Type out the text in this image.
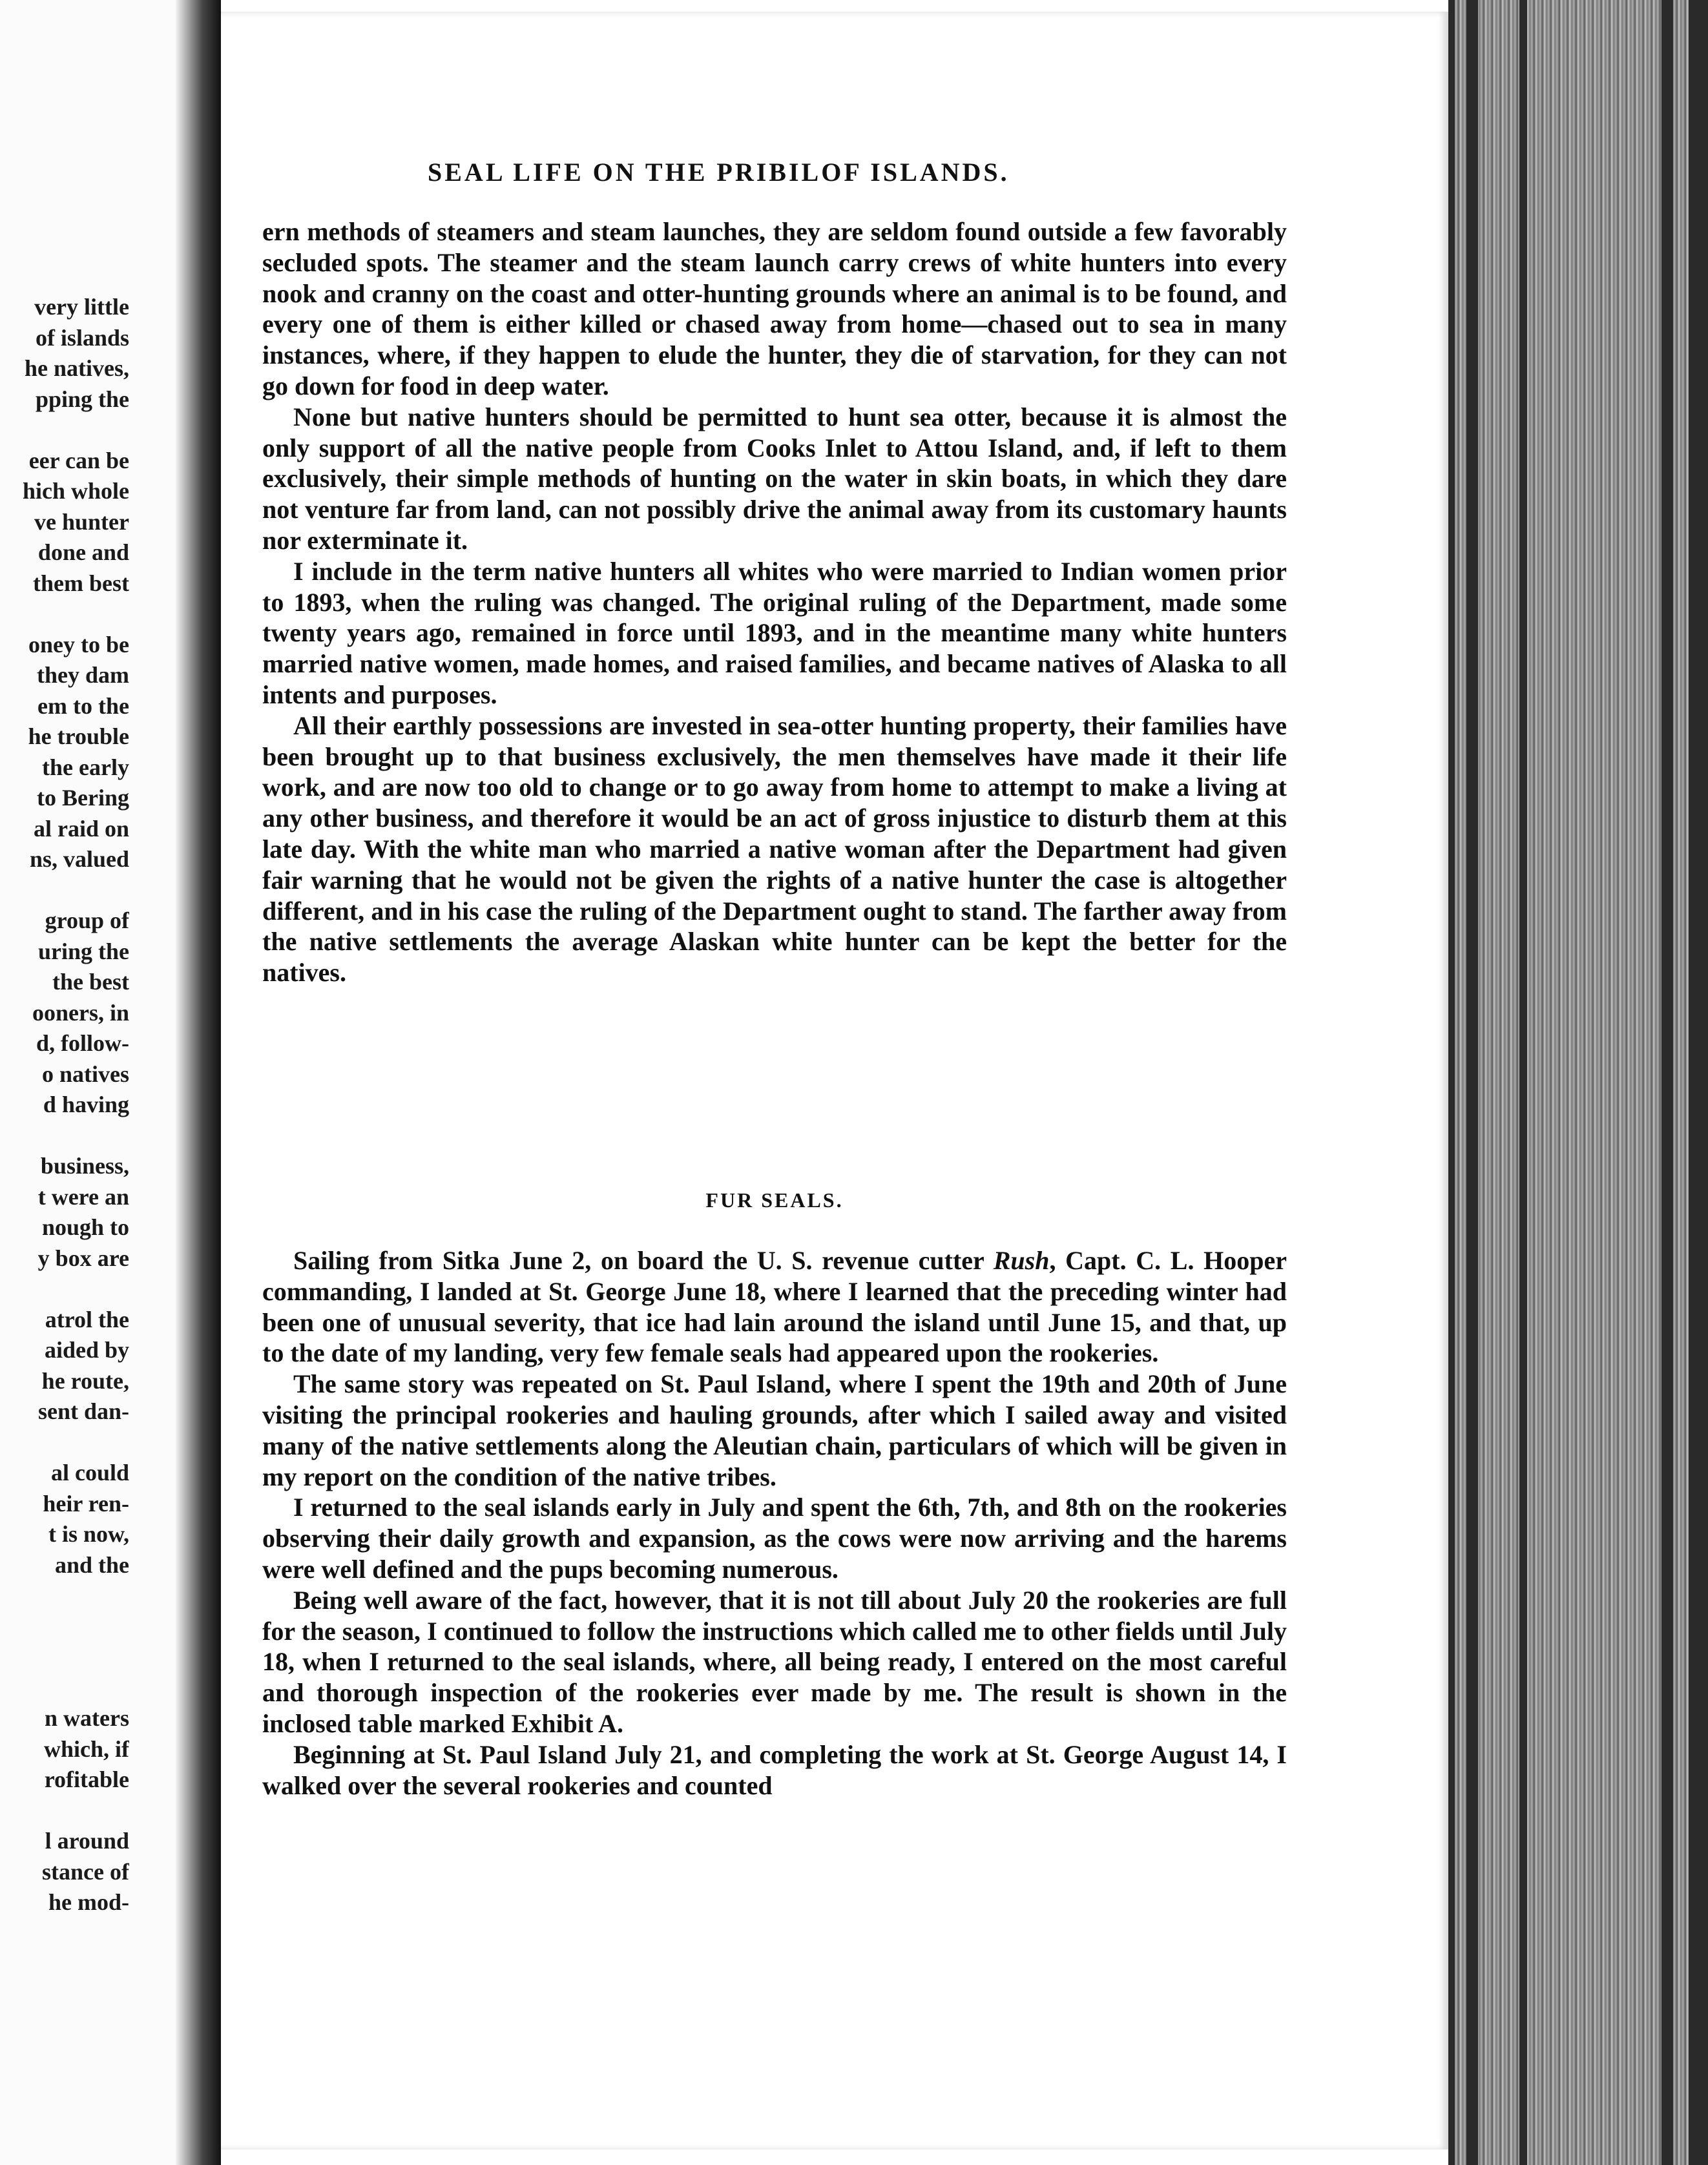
very little
of islands
he natives,
pping the
eer can be
hich whole
ve hunter
done and
them best
oney to be
they dam
em to the
he trouble
the early
to Bering
al raid on
ns, valued
group of
uring the
the best
ooners, in
d, follow-
o natives
d having
business,
t were an
nough to
y box are
atrol the
aided by
he route,
sent dan-
al could
heir ren-
t is now,
and the
n waters
which, if
rofitable
l around
stance of
he mod-
SEAL LIFE ON THE PRIBILOF ISLANDS.

ern methods of steamers and steam launches, they are seldom found outside a few favorably secluded spots. The steamer and the steam launch carry crews of white hunters into every nook and cranny on the coast and otter-hunting grounds where an animal is to be found, and every one of them is either killed or chased away from home—chased out to sea in many instances, where, if they happen to elude the hunter, they die of starvation, for they can not go down for food in deep water.

None but native hunters should be permitted to hunt sea otter, because it is almost the only support of all the native people from Cooks Inlet to Attou Island, and, if left to them exclusively, their simple methods of hunting on the water in skin boats, in which they dare not venture far from land, can not possibly drive the animal away from its customary haunts nor exterminate it.

I include in the term native hunters all whites who were married to Indian women prior to 1893, when the ruling was changed. The original ruling of the Department, made some twenty years ago, remained in force until 1893, and in the meantime many white hunters married native women, made homes, and raised families, and became natives of Alaska to all intents and purposes.

All their earthly possessions are invested in sea-otter hunting property, their families have been brought up to that business exclusively, the men themselves have made it their life work, and are now too old to change or to go away from home to attempt to make a living at any other business, and therefore it would be an act of gross injustice to disturb them at this late day. With the white man who married a native woman after the Department had given fair warning that he would not be given the rights of a native hunter the case is altogether different, and in his case the ruling of the Department ought to stand. The farther away from the native settlements the average Alaskan white hunter can be kept the better for the natives.

FUR SEALS.

Sailing from Sitka June 2, on board the U. S. revenue cutter Rush, Capt. C. L. Hooper commanding, I landed at St. George June 18, where I learned that the preceding winter had been one of unusual severity, that ice had lain around the island until June 15, and that, up to the date of my landing, very few female seals had appeared upon the rookeries.

The same story was repeated on St. Paul Island, where I spent the 19th and 20th of June visiting the principal rookeries and hauling grounds, after which I sailed away and visited many of the native settlements along the Aleutian chain, particulars of which will be given in my report on the condition of the native tribes.

I returned to the seal islands early in July and spent the 6th, 7th, and 8th on the rookeries observing their daily growth and expansion, as the cows were now arriving and the harems were well defined and the pups becoming numerous.

Being well aware of the fact, however, that it is not till about July 20 the rookeries are full for the season, I continued to follow the instructions which called me to other fields until July 18, when I returned to the seal islands, where, all being ready, I entered on the most careful and thorough inspection of the rookeries ever made by me. The result is shown in the inclosed table marked Exhibit A.

Beginning at St. Paul Island July 21, and completing the work at St. George August 14, I walked over the several rookeries and counted
